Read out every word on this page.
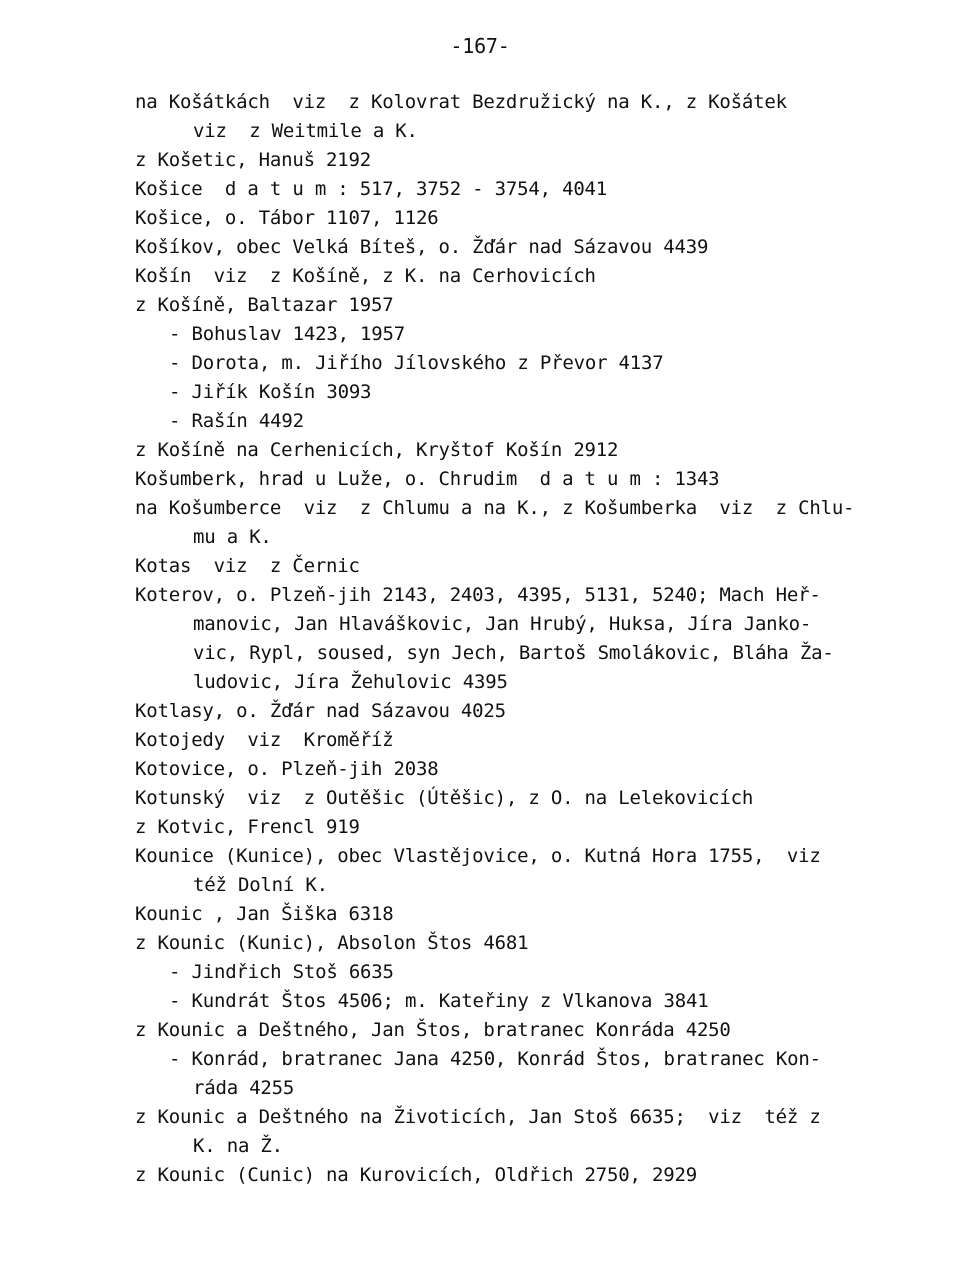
-167-
na Košátkách  viz  z Kolovrat Bezdružický na K., z Košátek
viz  z Weitmile a K.
z Košetic, Hanuš 2192
Košice  d a t u m : 517, 3752 - 3754, 4041
Košice, o. Tábor 1107, 1126
Košíkov, obec Velká Bíteš, o. Žďár nad Sázavou 4439
Košín  viz  z Košíně, z K. na Cerhovicích
z Košíně, Baltazar 1957
- Bohuslav 1423, 1957
- Dorota, m. Jiřího Jílovského z Převor 4137
- Jiřík Košín 3093
- Rašín 4492
z Košíně na Cerhenicích, Kryštof Košín 2912
Košumberk, hrad u Luže, o. Chrudim  d a t u m : 1343
na Košumberce  viz  z Chlumu a na K., z Košumberka  viz  z Chlu-
mu a K.
Kotas  viz  z Černic
Koterov, o. Plzeň-jih 2143, 2403, 4395, 5131, 5240; Mach Heř-
manovic, Jan Hlaváškovic, Jan Hrubý, Huksa, Jíra Janko-
vic, Rypl, soused, syn Jech, Bartoš Smolákovic, Bláha Ža-
ludovic, Jíra Žehulovic 4395
Kotlasy, o. Žďár nad Sázavou 4025
Kotojedy  viz  Kroměříž
Kotovice, o. Plzeň-jih 2038
Kotunský  viz  z Outěšic (Útěšic), z O. na Lelekovicích
z Kotvic, Frencl 919
Kounice (Kunice), obec Vlastějovice, o. Kutná Hora 1755,  viz
též Dolní K.
Kounic , Jan Šiška 6318
z Kounic (Kunic), Absolon Štos 4681
- Jindřich Stoš 6635
- Kundrát Štos 4506; m. Kateřiny z Vlkanova 3841
z Kounic a Deštného, Jan Štos, bratranec Konráda 4250
- Konrád, bratranec Jana 4250, Konrád Štos, bratranec Kon-
ráda 4255
z Kounic a Deštného na Životicích, Jan Stoš 6635;  viz  též z
K. na Ž.
z Kounic (Cunic) na Kurovicích, Oldřich 2750, 2929
